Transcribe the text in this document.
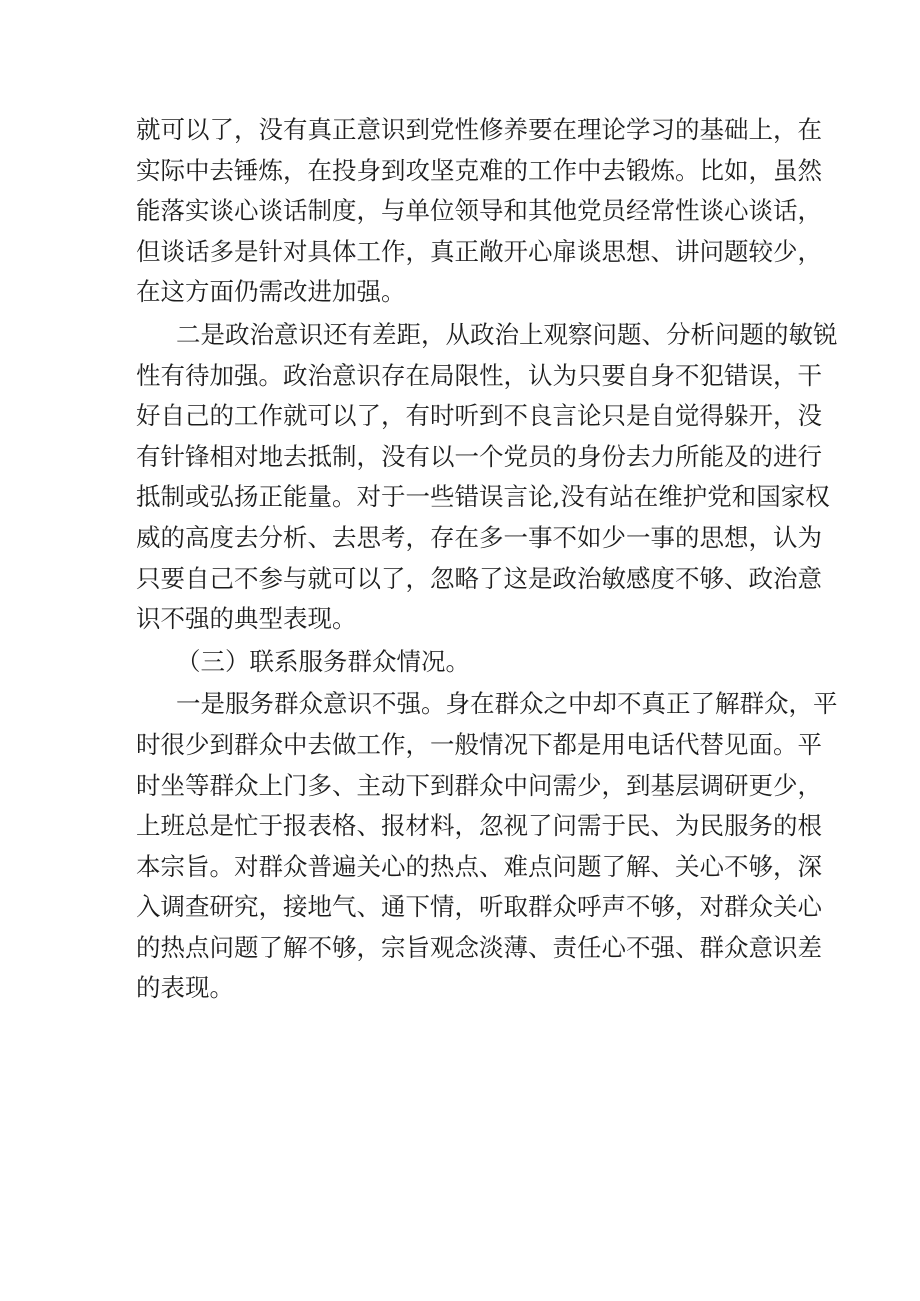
就可以了，没有真正意识到党性修养要在理论学习的基础上，在
实际中去锤炼，在投身到攻坚克难的工作中去锻炼。比如，虽然
能落实谈心谈话制度，与单位领导和其他党员经常性谈心谈话，
但谈话多是针对具体工作，真正敞开心扉谈思想、讲问题较少，
在这方面仍需改进加强。
二是政治意识还有差距，从政治上观察问题、分析问题的敏锐
性有待加强。政治意识存在局限性，认为只要自身不犯错误，干
好自己的工作就可以了，有时听到不良言论只是自觉得躲开，没
有针锋相对地去抵制，没有以一个党员的身份去力所能及的进行
抵制或弘扬正能量。对于一些错误言论,没有站在维护党和国家权
威的高度去分析、去思考，存在多一事不如少一事的思想，认为
只要自己不参与就可以了，忽略了这是政治敏感度不够、政治意
识不强的典型表现。
（三）联系服务群众情况。
一是服务群众意识不强。身在群众之中却不真正了解群众，平
时很少到群众中去做工作，一般情况下都是用电话代替见面。平
时坐等群众上门多、主动下到群众中问需少，到基层调研更少，
上班总是忙于报表格、报材料，忽视了问需于民、为民服务的根
本宗旨。对群众普遍关心的热点、难点问题了解、关心不够，深
入调查研究，接地气、通下情，听取群众呼声不够，对群众关心
的热点问题了解不够，宗旨观念淡薄、责任心不强、群众意识差
的表现。
